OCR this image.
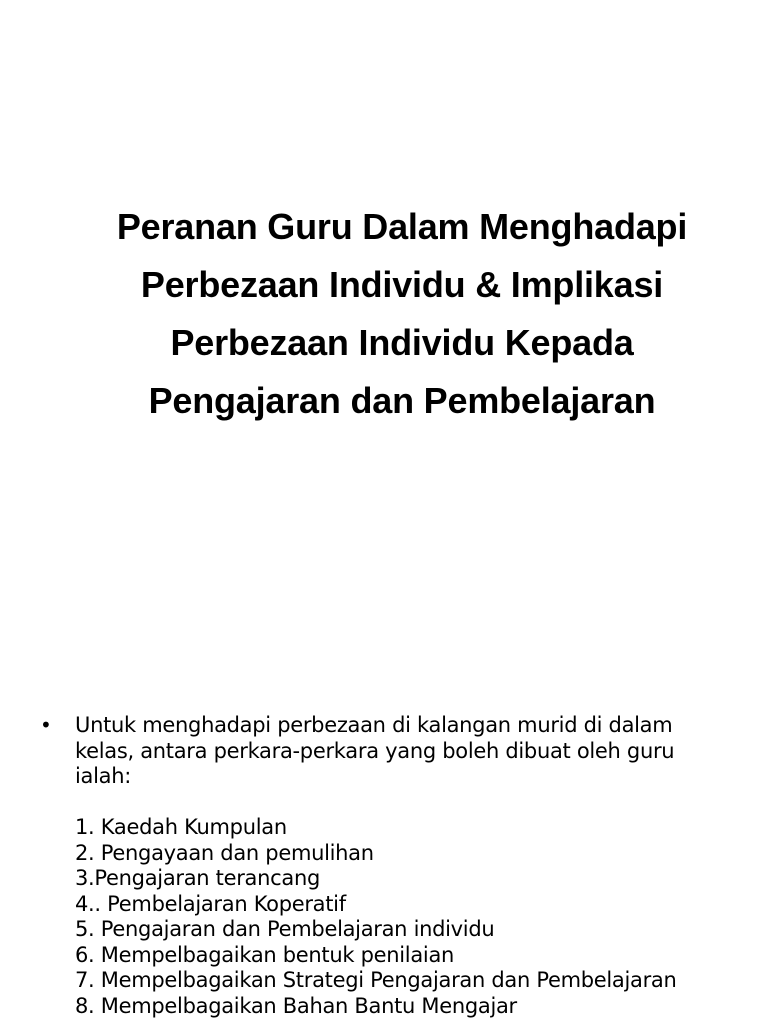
Peranan Guru Dalam Menghadapi
Perbezaan Individu & Implikasi
Perbezaan Individu Kepada
Pengajaran dan Pembelajaran
• Untuk menghadapi perbezaan di kalangan murid di dalam
kelas, antara perkara-perkara yang boleh dibuat oleh guru
ialah:
1. Kaedah Kumpulan
2. Pengayaan dan pemulihan
3.Pengajaran terancang
4.. Pembelajaran Koperatif
5. Pengajaran dan Pembelajaran individu
6. Mempelbagaikan bentuk penilaian
7. Mempelbagaikan Strategi Pengajaran dan Pembelajaran
8. Mempelbagaikan Bahan Bantu Mengajar
